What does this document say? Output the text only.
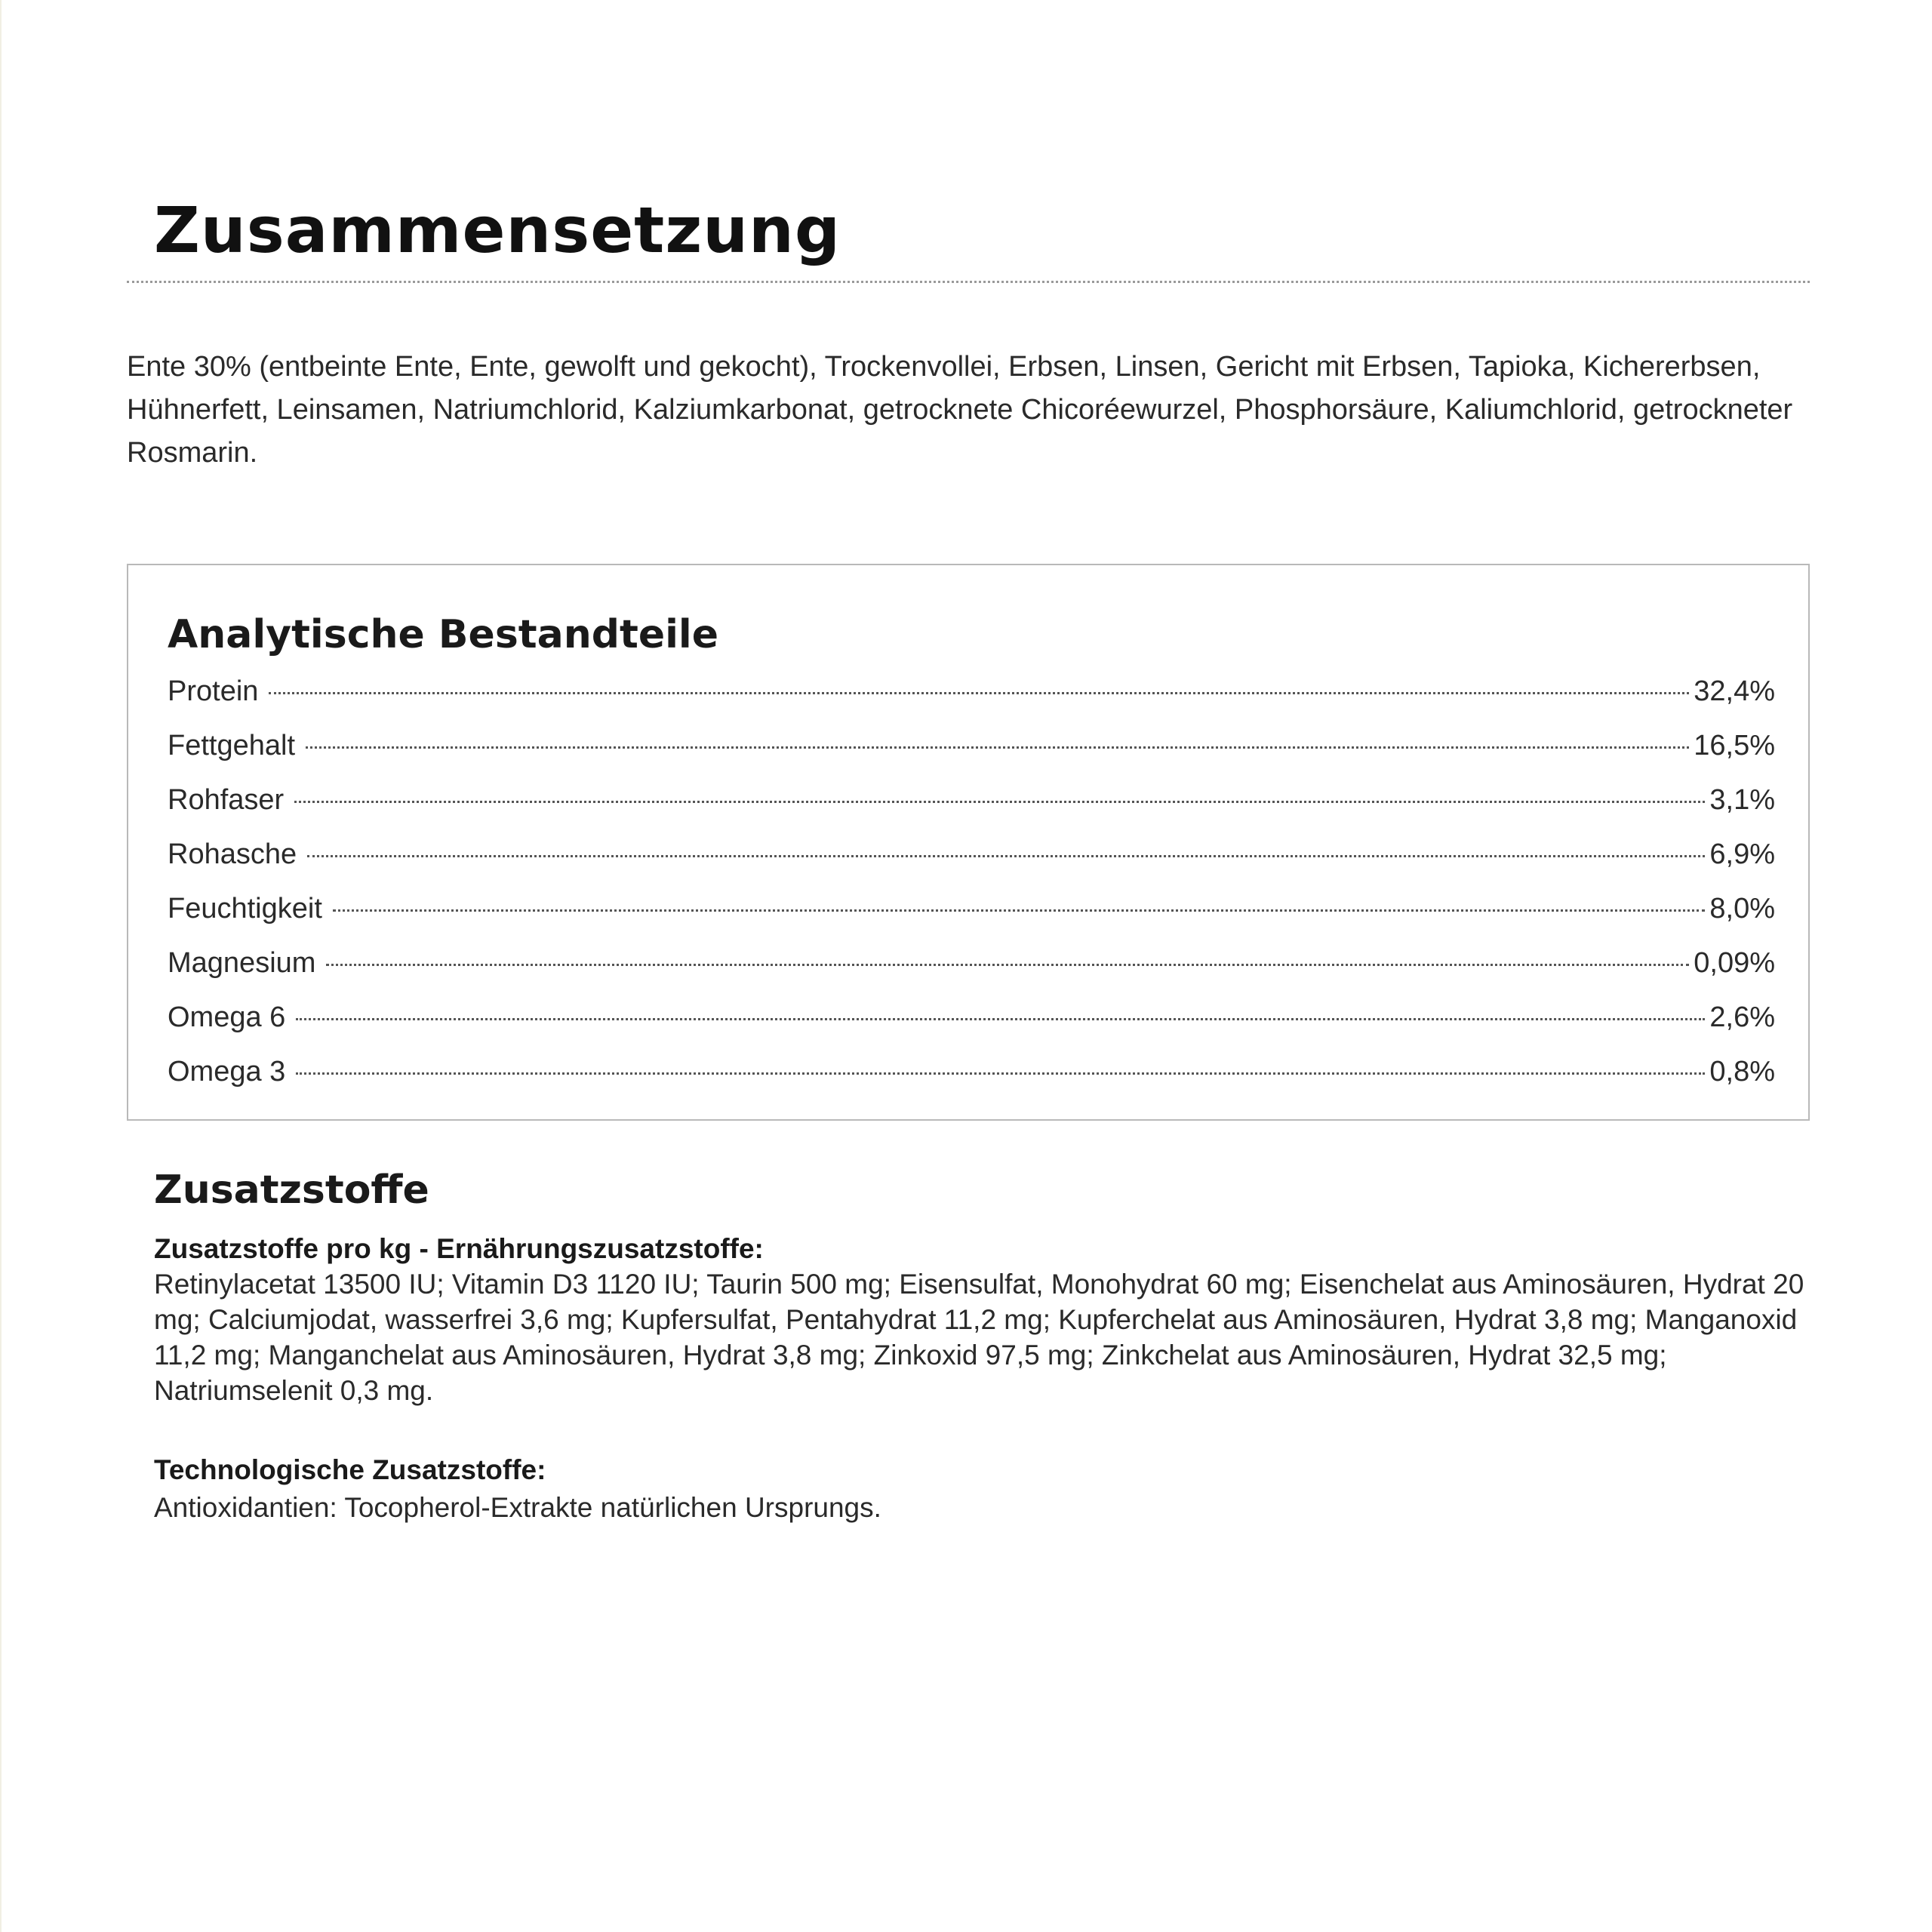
Zusammensetzung

Ente 30% (entbeinte Ente, Ente, gewolft und gekocht), Trockenvollei, Erbsen, Linsen, Gericht mit Erbsen, Tapioka, Kichererbsen, Hühnerfett, Leinsamen, Natriumchlorid, Kalziumkarbonat, getrocknete Chicoréewurzel, Phosphorsäure, Kaliumchlorid, getrockneter Rosmarin.

Analytische Bestandteile
Protein	32,4%
Fettgehalt	16,5%
Rohfaser	3,1%
Rohasche	6,9%
Feuchtigkeit	8,0%
Magnesium	0,09%
Omega 6	2,6%
Omega 3	0,8%
Zusatzstoffe
Zusatzstoffe pro kg - Ernährungszusatzstoffe:

Retinylacetat 13500 IU; Vitamin D3 1120 IU; Taurin 500 mg; Eisensulfat, Monohydrat 60 mg; Eisenchelat aus Aminosäuren, Hydrat 20 mg; Calciumjodat, wasserfrei 3,6 mg; Kupfersulfat, Pentahydrat 11,2 mg; Kupferchelat aus Aminosäuren, Hydrat 3,8 mg; Manganoxid 11,2 mg; Manganchelat aus Aminosäuren, Hydrat 3,8 mg; Zinkoxid 97,5 mg; Zinkchelat aus Aminosäuren, Hydrat 32,5 mg; Natriumselenit 0,3 mg.

Technologische Zusatzstoffe:

Antioxidantien: Tocopherol-Extrakte natürlichen Ursprungs.
